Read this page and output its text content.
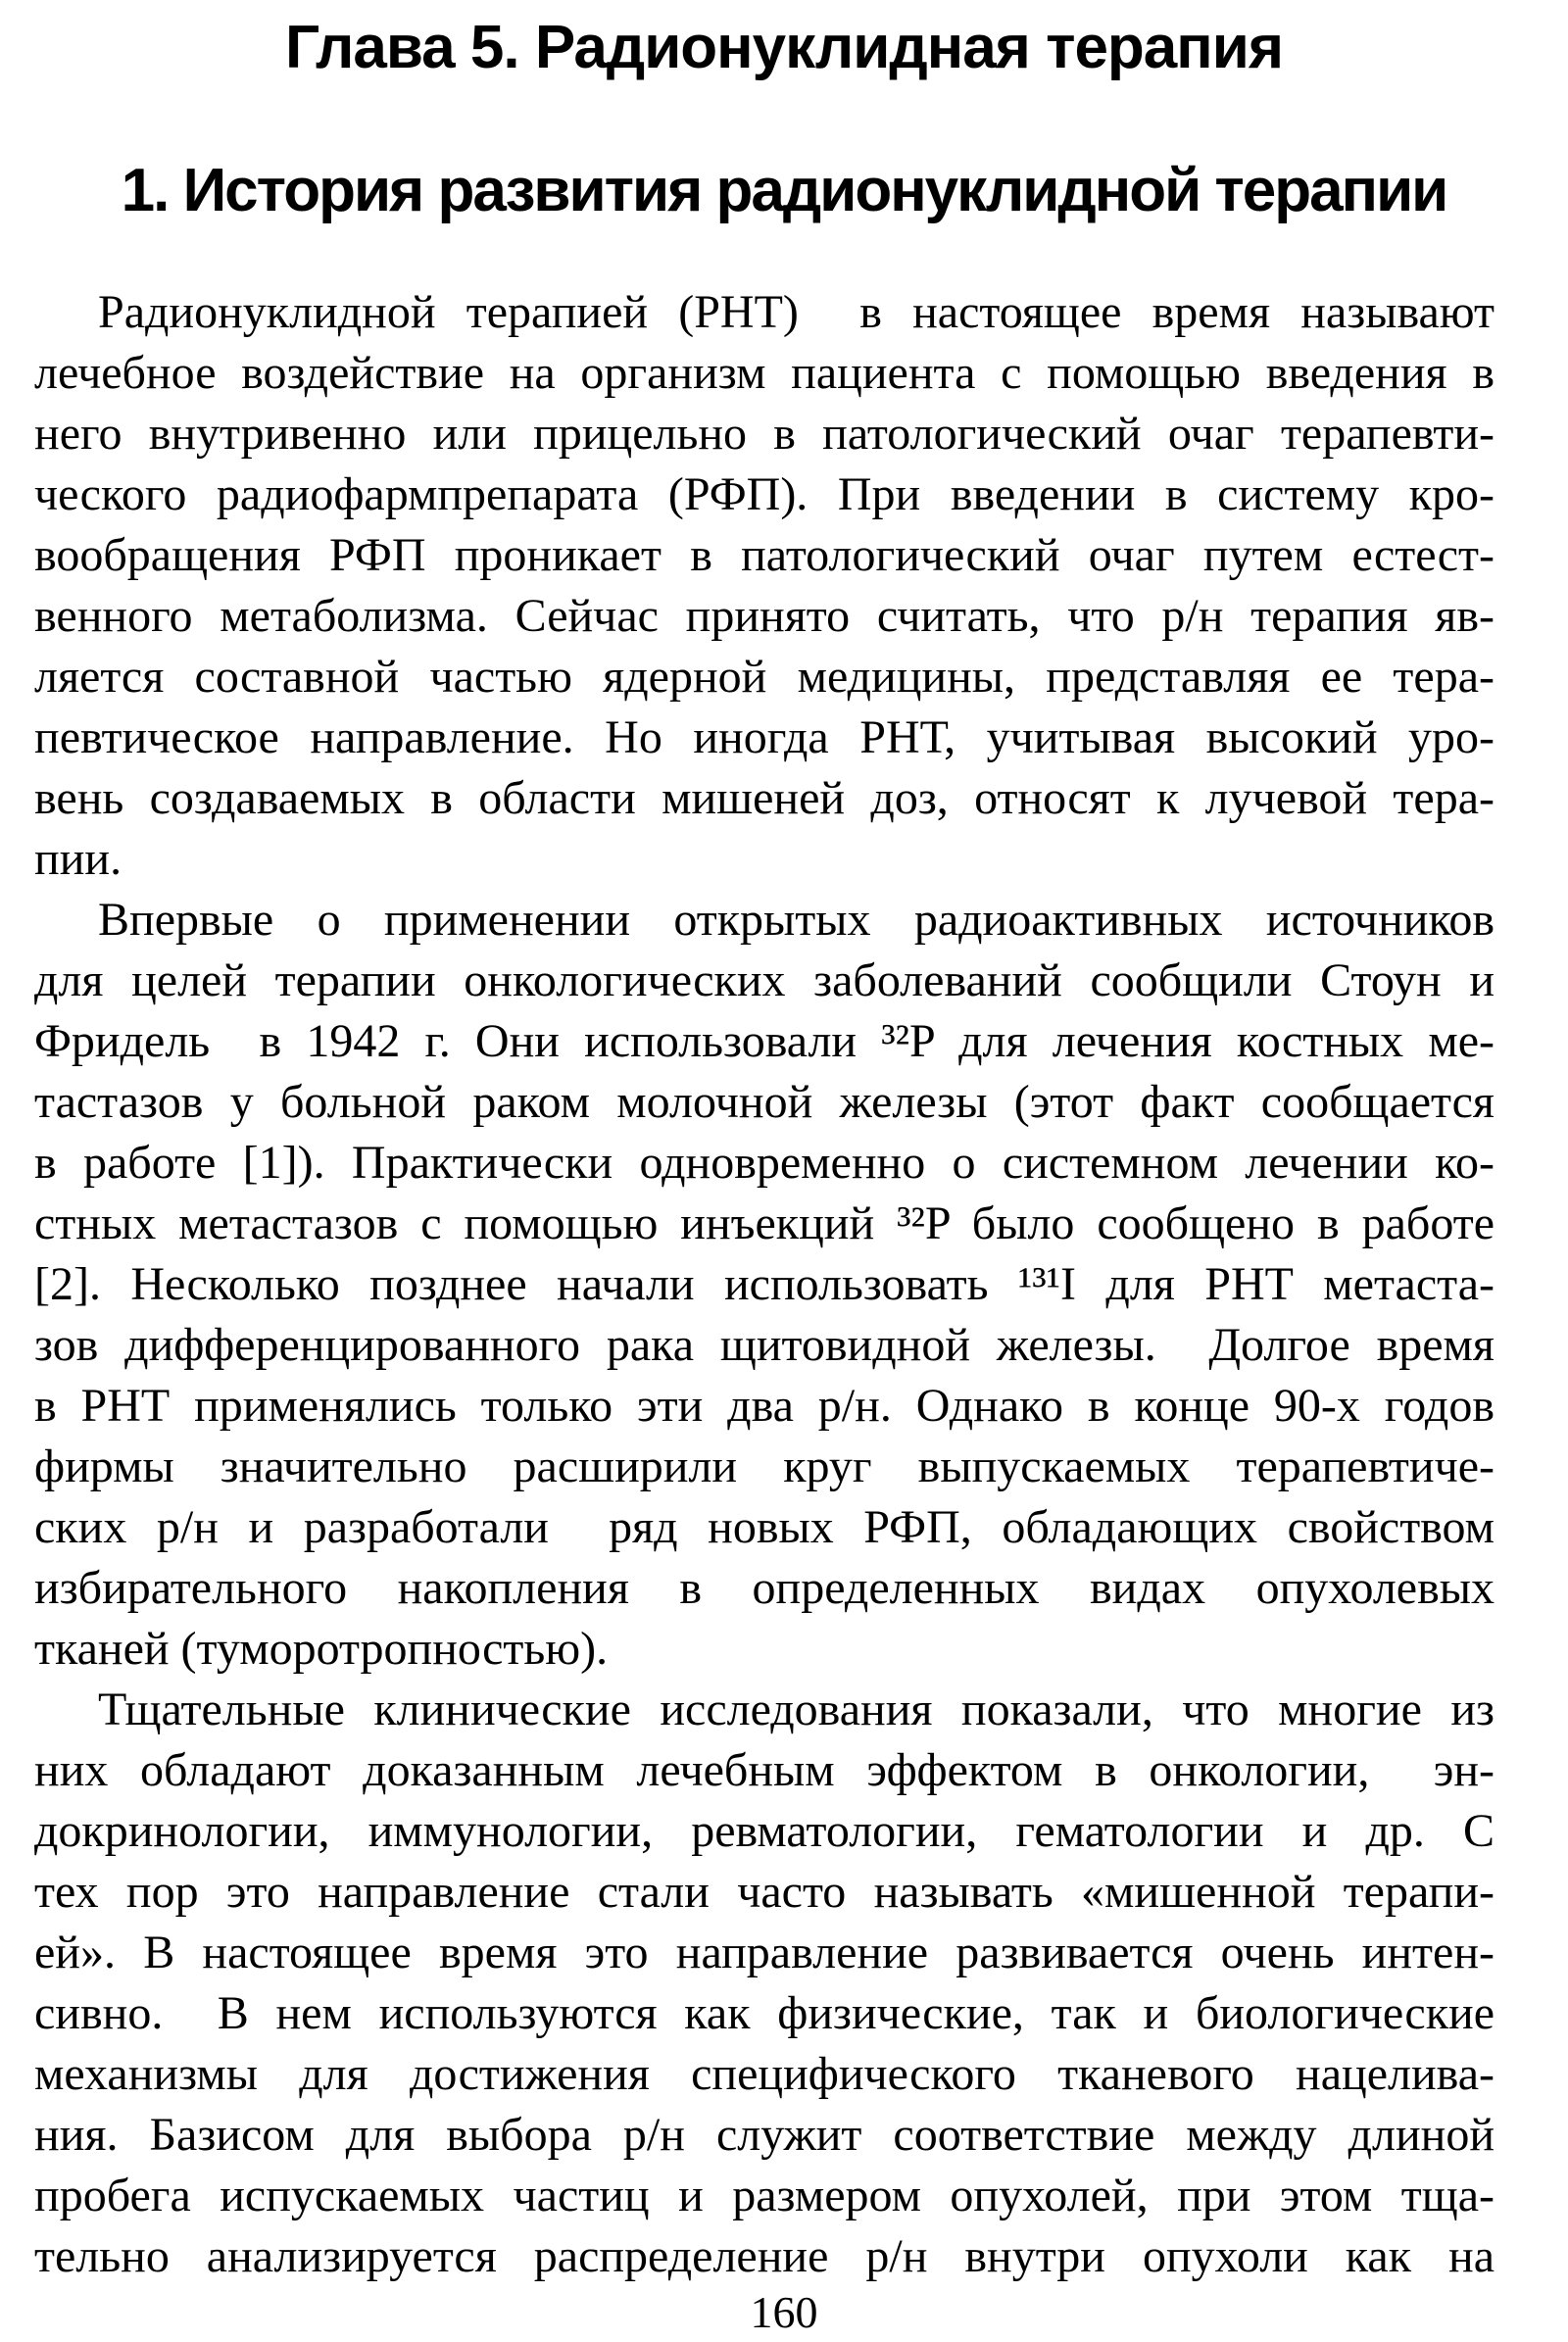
Глава 5. Радионуклидная терапия
1. История развития радионуклидной терапии
Радионуклидной терапией (РНТ)  в настоящее время называют
лечебное воздействие на организм пациента с помощью введения в
него внутривенно или прицельно в патологический очаг терапевти-
ческого радиофармпрепарата (РФП). При введении в систему кро-
вообращения РФП проникает в патологический очаг путем естест-
венного метаболизма. Сейчас принято считать, что р/н терапия яв-
ляется составной частью ядерной медицины, представляя ее тера-
певтическое направление. Но иногда РНТ, учитывая высокий уро-
вень создаваемых в области мишеней доз, относят к лучевой тера-
пии.
Впервые о применении открытых радиоактивных источников
для целей терапии онкологических заболеваний сообщили Стоун и
Фридель  в 1942 г. Они использовали ³²P для лечения костных ме-
тастазов у больной раком молочной железы (этот факт сообщается
в работе [1]). Практически одновременно о системном лечении ко-
стных метастазов с помощью инъекций ³²P было сообщено в работе
[2]. Несколько позднее начали использовать ¹³¹I для РНТ метаста-
зов дифференцированного рака щитовидной железы.  Долгое время
в РНТ применялись только эти два р/н. Однако в конце 90-х годов
фирмы значительно расширили круг выпускаемых терапевтиче-
ских р/н и разработали  ряд новых РФП, обладающих свойством
избирательного накопления в определенных видах опухолевых
тканей (туморотропностью).
Тщательные клинические исследования показали, что многие из
них обладают доказанным лечебным эффектом в онкологии,  эн-
докринологии, иммунологии, ревматологии, гематологии и др. С
тех пор это направление стали часто называть «мишенной терапи-
ей». В настоящее время это направление развивается очень интен-
сивно.  В нем используются как физические, так и биологические
механизмы для достижения специфического тканевого нацелива-
ния. Базисом для выбора р/н служит соответствие между длиной
пробега испускаемых частиц и размером опухолей, при этом тща-
тельно анализируется распределение р/н внутри опухоли как на
160
